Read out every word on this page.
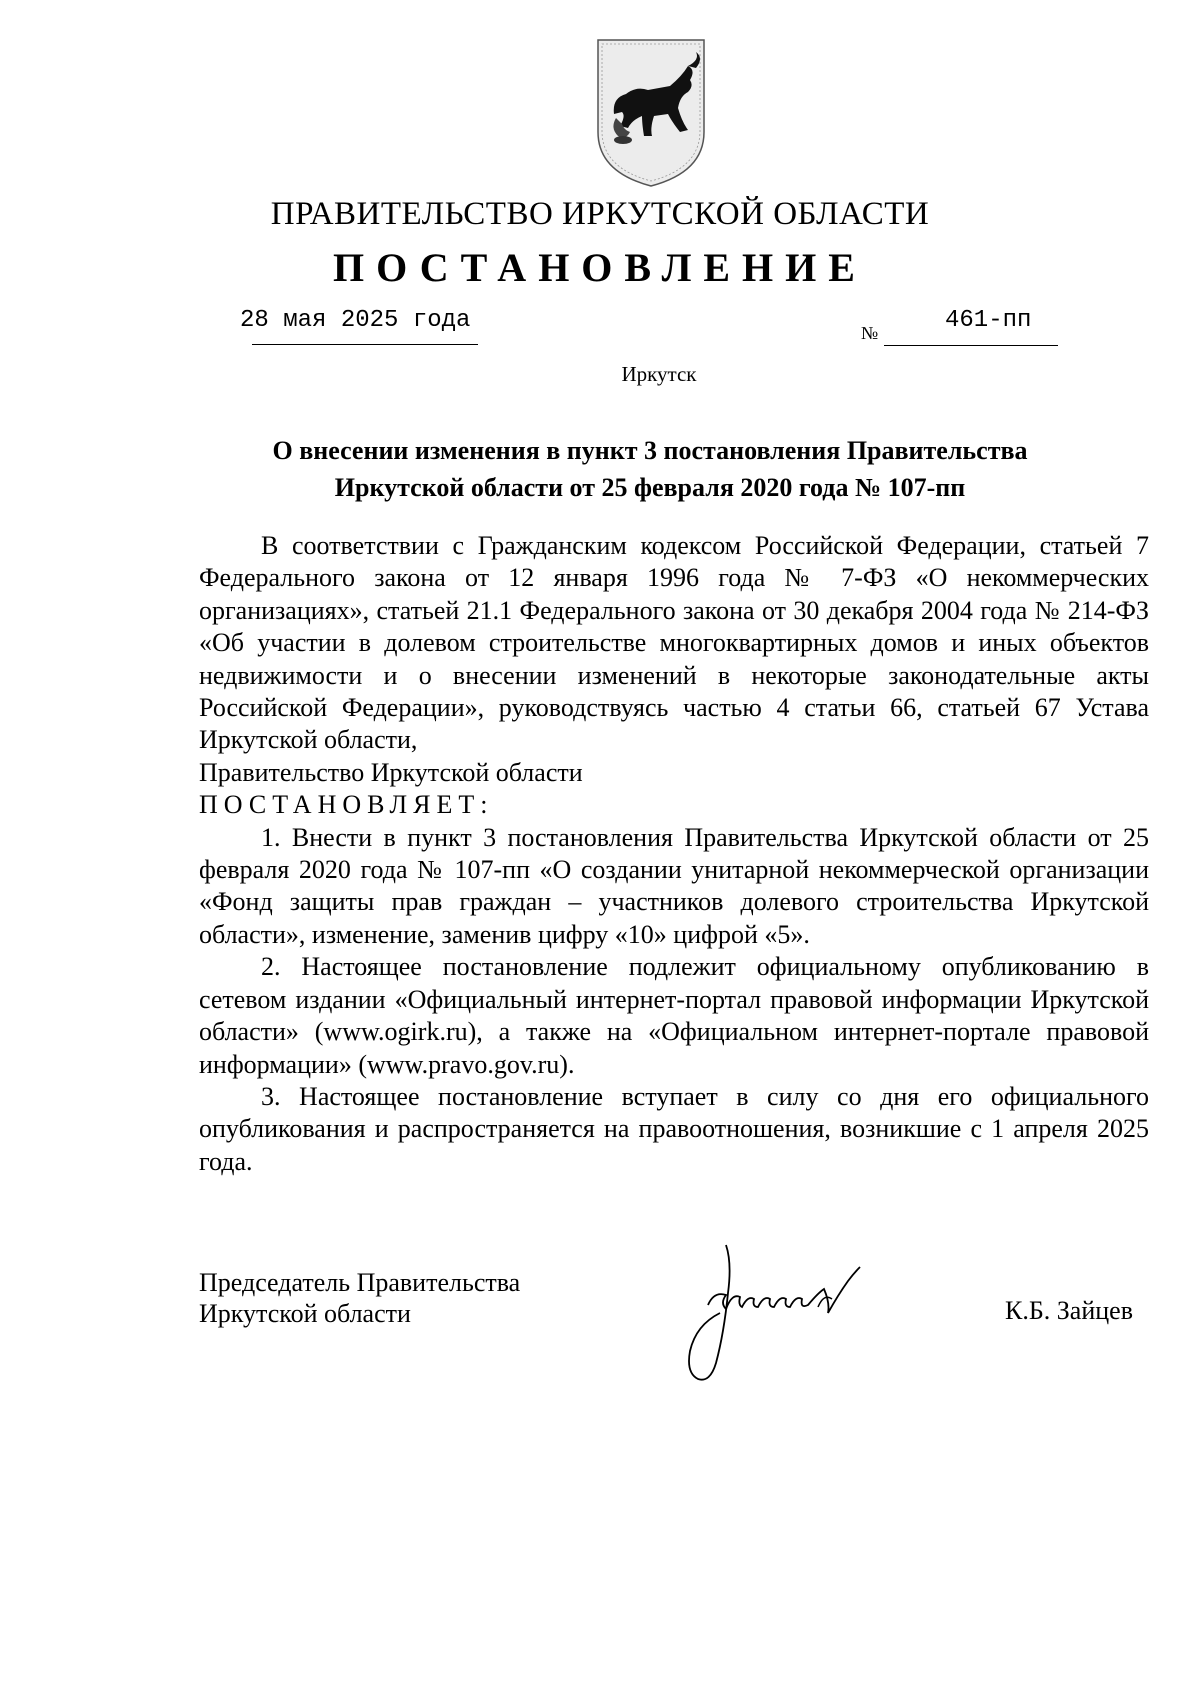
ПРАВИТЕЛЬСТВО ИРКУТСКОЙ ОБЛАСТИ
ПОСТАНОВЛЕНИЕ
28 мая 2025 года	№	461-пп
Иркутск
О внесении изменения в пункт 3 постановления Правительства
Иркутской области от 25 февраля 2020 года № 107-пп

В соответствии с Гражданским кодексом Российской Федерации, статьей 7 Федерального закона от 12 января 1996 года № 7-ФЗ «О некоммерческих организациях», статьей 21.1 Федерального закона от 30 декабря 2004 года № 214-ФЗ «Об участии в долевом строительстве многоквартирных домов и иных объектов недвижимости и о внесении изменений в некоторые законодательные акты Российской Федерации», руководствуясь частью 4 статьи 66, статьей 67 Устава Иркутской области,

Правительство Иркутской области

ПОСТАНОВЛЯЕТ:

1. Внести в пункт 3 постановления Правительства Иркутской области от 25 февраля 2020 года № 107-пп «О создании унитарной некоммерческой организации «Фонд защиты прав граждан – участников долевого строительства Иркутской области», изменение, заменив цифру «10» цифрой «5».

2. Настоящее постановление подлежит официальному опубликованию в сетевом издании «Официальный интернет-портал правовой информации Иркутской области» (www.ogirk.ru), а также на «Официальном интернет-портале правовой информации» (www.pravo.gov.ru).

3. Настоящее постановление вступает в силу со дня его официального опубликования и распространяется на правоотношения, возникшие с 1 апреля 2025 года.

Председатель Правительства
Иркутской области	К.Б. Зайцев
